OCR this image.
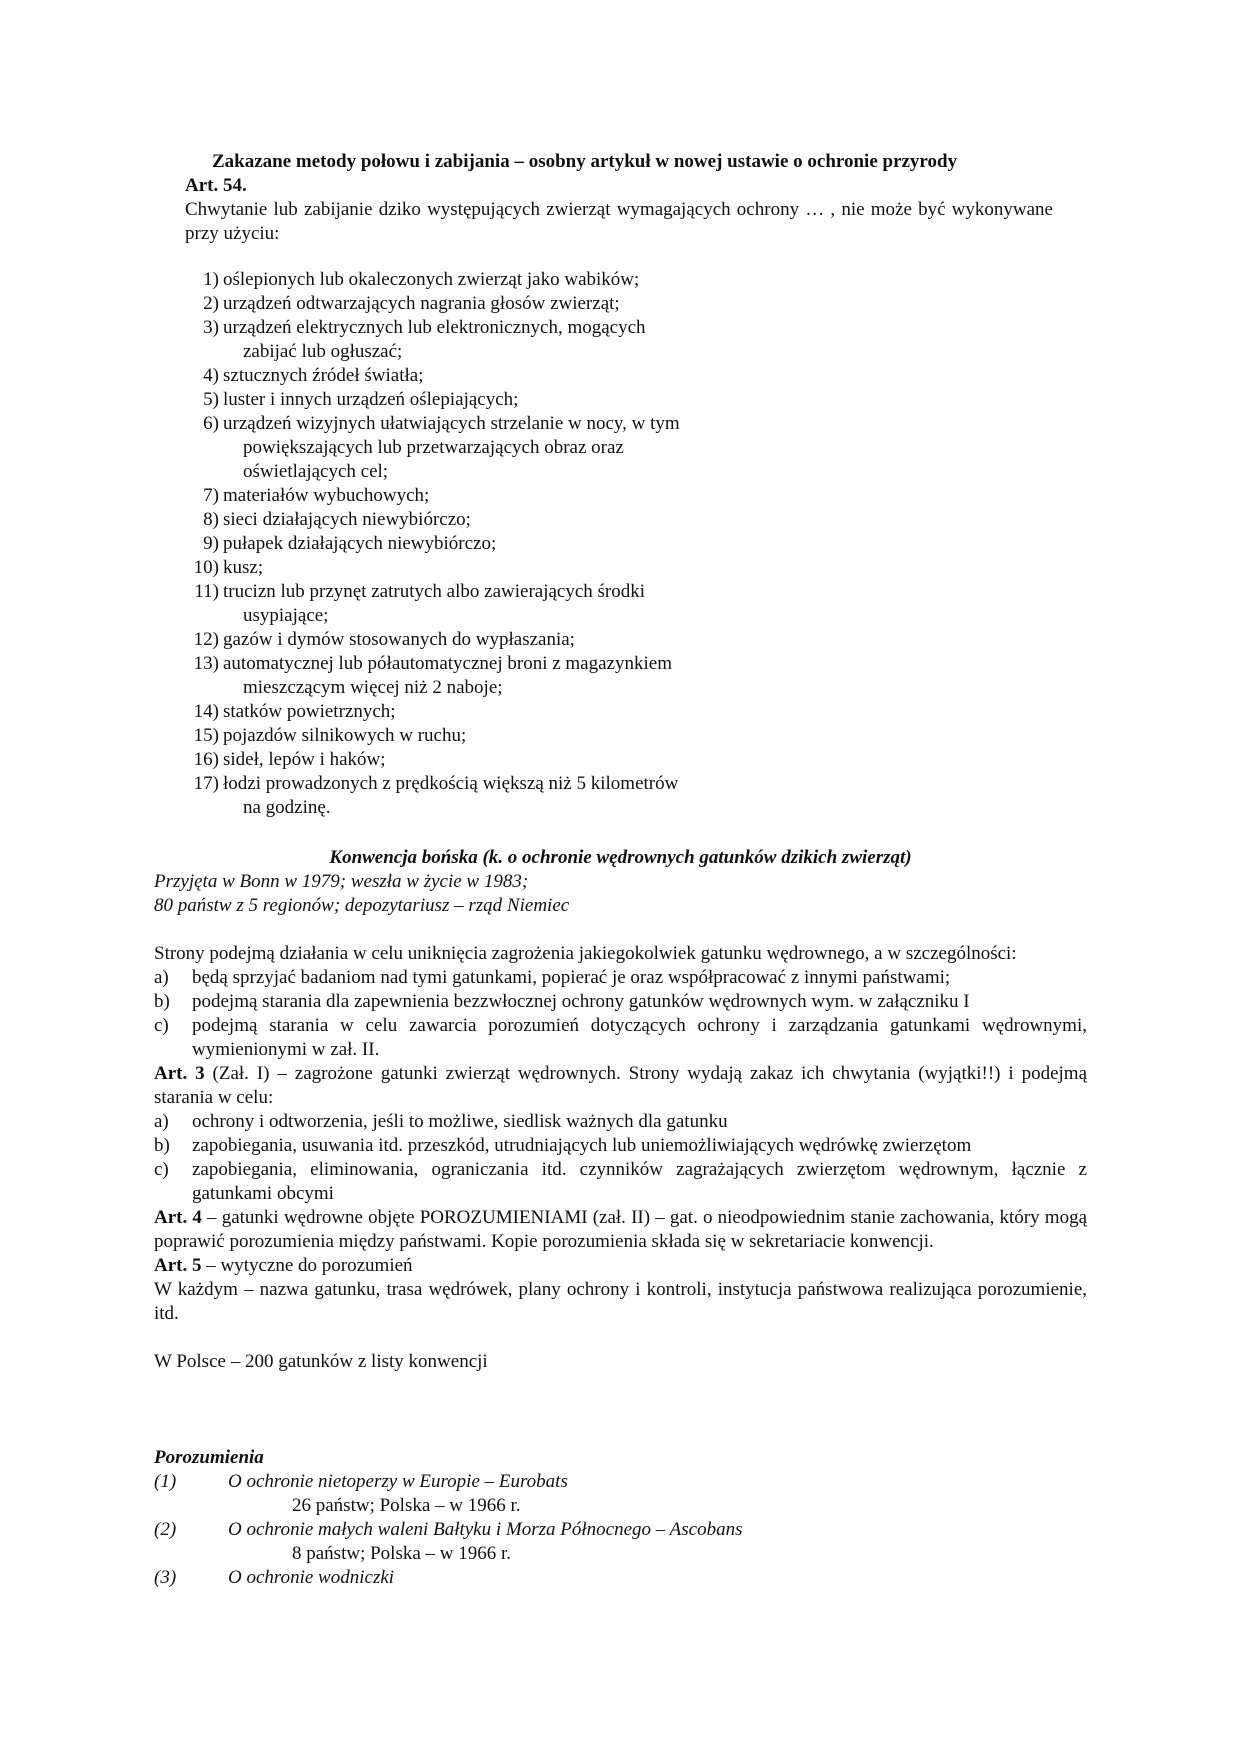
Zakazane metody połowu i zabijania – osobny artykuł w nowej ustawie o ochronie przyrody
Art. 54.
Chwytanie lub zabijanie dziko występujących zwierząt wymagających ochrony … , nie może być wykonywane przy użyciu:
1) oślepionych lub okaleczonych zwierząt jako wabików;
2) urządzeń odtwarzających nagrania głosów zwierząt;
3) urządzeń elektrycznych lub elektronicznych, mogących
zabijać lub ogłuszać;
4) sztucznych źródeł światła;
5) luster i innych urządzeń oślepiających;
6) urządzeń wizyjnych ułatwiających strzelanie w nocy, w tym
powiększających lub przetwarzających obraz oraz
oświetlających cel;
7) materiałów wybuchowych;
8) sieci działających niewybiórczo;
9) pułapek działających niewybiórczo;
10) kusz;
11) trucizn lub przynęt zatrutych albo zawierających środki
usypiające;
12) gazów i dymów stosowanych do wypłaszania;
13) automatycznej lub półautomatycznej broni z magazynkiem
mieszczącym więcej niż 2 naboje;
14) statków powietrznych;
15) pojazdów silnikowych w ruchu;
16) sideł, lepów i haków;
17) łodzi prowadzonych z prędkością większą niż 5 kilometrów
na godzinę.
Konwencja bońska (k. o ochronie wędrownych gatunków dzikich zwierząt)
Przyjęta w Bonn w 1979; weszła w życie w 1983;
80 państw z 5 regionów; depozytariusz – rząd Niemiec
Strony podejmą działania w celu uniknięcia zagrożenia jakiegokolwiek gatunku wędrownego, a w szczególności:
a) będą sprzyjać badaniom nad tymi gatunkami, popierać je oraz współpracować z innymi państwami;
b) podejmą starania dla zapewnienia bezzwłocznej ochrony gatunków wędrownych wym. w załączniku I
c) podejmą starania w celu zawarcia porozumień dotyczących ochrony i zarządzania gatunkami wędrownymi, wymienionymi w zał. II.
Art. 3 (Zał. I) – zagrożone gatunki zwierząt wędrownych. Strony wydają zakaz ich chwytania (wyjątki!!) i podejmą starania w celu:
a) ochrony i odtworzenia, jeśli to możliwe, siedlisk ważnych dla gatunku
b) zapobiegania, usuwania itd. przeszkód, utrudniających lub uniemożliwiających wędrówkę zwierzętom
c) zapobiegania, eliminowania, ograniczania itd. czynników zagrażających zwierzętom wędrownym, łącznie z gatunkami obcymi
Art. 4 – gatunki wędrowne objęte POROZUMIENIAMI (zał. II) – gat. o nieodpowiednim stanie zachowania, który mogą poprawić porozumienia między państwami. Kopie porozumienia składa się w sekretariacie konwencji.
Art. 5 – wytyczne do porozumień
W każdym – nazwa gatunku, trasa wędrówek, plany ochrony i kontroli, instytucja państwowa realizująca porozumienie, itd.
W Polsce – 200 gatunków z listy konwencji
Porozumienia
(1)	O ochronie nietoperzy w Europie – Eurobats
26 państw; Polska – w 1966 r.
(2)	O ochronie małych waleni Bałtyku i Morza Północnego – Ascobans
8 państw; Polska – w 1966 r.
(3)	O ochronie wodniczki
